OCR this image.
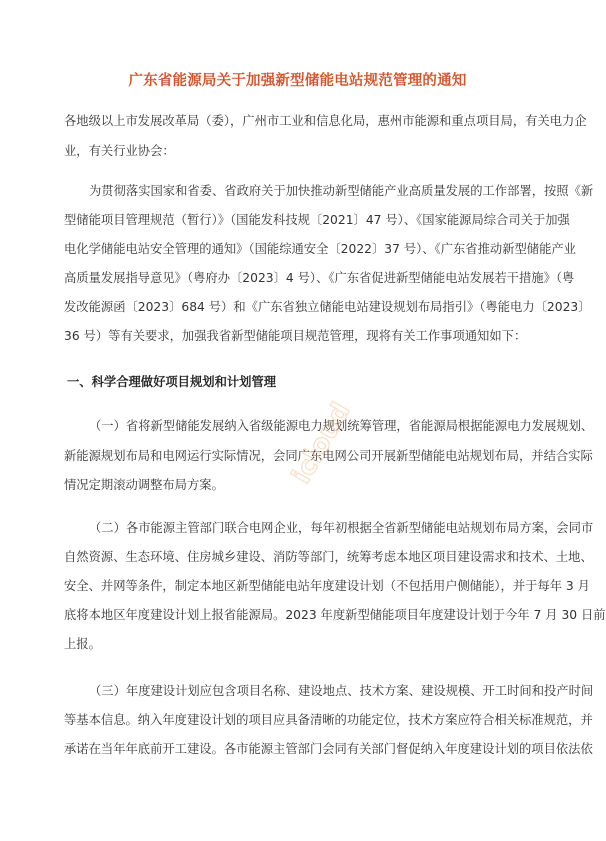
广东省能源局关于加强新型储能电站规范管理的通知
各地级以上市发展改革局（委），广州市工业和信息化局，惠州市能源和重点项目局，有关电力企
业，有关行业协会：
为贯彻落实国家和省委、省政府关于加快推动新型储能产业高质量发展的工作部署，按照《新
型储能项目管理规范（暂行）》（国能发科技规〔2021〕47 号）、《国家能源局综合司关于加强
电化学储能电站安全管理的通知》（国能综通安全〔2022〕37 号）、《广东省推动新型储能产业
高质量发展指导意见》（粤府办〔2023〕4 号）、《广东省促进新型储能电站发展若干措施》（粤
发改能源函〔2023〕684 号）和《广东省独立储能电站建设规划布局指引》（粤能电力〔2023〕
36 号）等有关要求，加强我省新型储能项目规范管理，现将有关工作事项通知如下：
一、科学合理做好项目规划和计划管理
（一）省将新型储能发展纳入省级能源电力规划统筹管理，省能源局根据能源电力发展规划、
新能源规划布局和电网运行实际情况，会同广东电网公司开展新型储能电站规划布局，并结合实际
情况定期滚动调整布局方案。
（二）各市能源主管部门联合电网企业，每年初根据全省新型储能电站规划布局方案，会同市
自然资源、生态环境、住房城乡建设、消防等部门，统筹考虑本地区项目建设需求和技术、土地、
安全、并网等条件，制定本地区新型储能电站年度建设计划（不包括用户侧储能），并于每年 3 月
底将本地区年度建设计划上报省能源局。2023 年度新型储能项目年度建设计划于今年 7 月 30 日前
上报。
（三）年度建设计划应包含项目名称、建设地点、技术方案、建设规模、开工时间和投产时间
等基本信息。纳入年度建设计划的项目应具备清晰的功能定位，技术方案应符合相关标准规范，并
承诺在当年年底前开工建设。各市能源主管部门会同有关部门督促纳入年度建设计划的项目依法依
icloud
